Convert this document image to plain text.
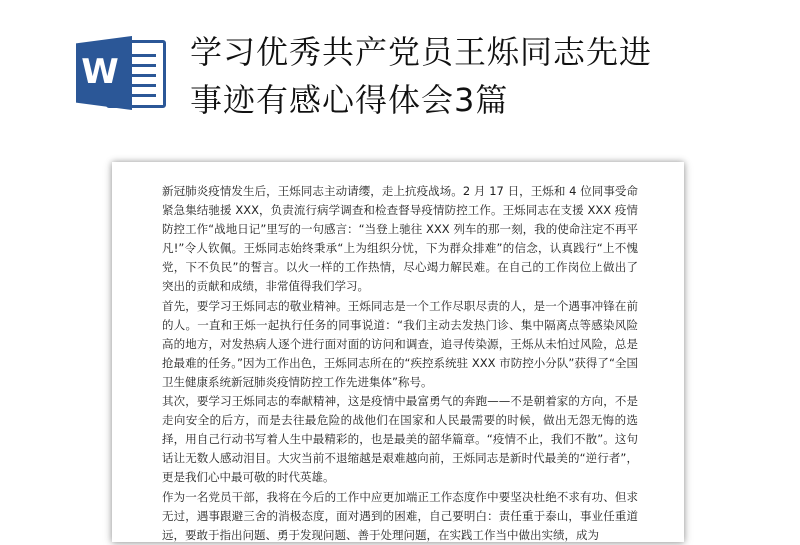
W 学习优秀共产党员王烁同志先进
事迹有感心得体会3篇

新冠肺炎疫情发生后，王烁同志主动请缨，走上抗疫战场。2 月 17 日，王烁和 4 位同事受命紧急集结驰援 XXX，负责流行病学调查和检查督导疫情防控工作。王烁同志在支援 XXX 疫情防控工作“战地日记”里写的一句感言：“当登上驰往 XXX 列车的那一刻，我的使命注定不再平凡!”令人钦佩。王烁同志始终秉承“上为组织分忧，下为群众排难”的信念，认真践行“上不愧党，下不负民”的誓言。以火一样的工作热情，尽心竭力解民难。在自己的工作岗位上做出了突出的贡献和成绩，非常值得我们学习。

首先，要学习王烁同志的敬业精神。王烁同志是一个工作尽职尽责的人，是一个遇事冲锋在前的人。一直和王烁一起执行任务的同事说道：“我们主动去发热门诊、集中隔离点等感染风险高的地方，对发热病人逐个进行面对面的访问和调查，追寻传染源，王烁从未怕过风险，总是抢最难的任务。”因为工作出色，王烁同志所在的“疾控系统驻 XXX 市防控小分队”获得了“全国卫生健康系统新冠肺炎疫情防控工作先进集体”称号。

其次，要学习王烁同志的奉献精神，这是疫情中最富勇气的奔跑——不是朝着家的方向，不是走向安全的后方，而是去往最危险的战他们在国家和人民最需要的时候，做出无怨无悔的选择，用自己行动书写着人生中最精彩的，也是最美的韶华篇章。“疫情不止，我们不散”。这句话让无数人感动泪目。大灾当前不退缩越是艰难越向前，王烁同志是新时代最美的“逆行者”，更是我们心中最可敬的时代英雄。

作为一名党员干部，我将在今后的工作中应更加端正工作态度作中要坚决杜绝不求有功、但求无过，遇事跟避三舍的消极态度，面对遇到的困难，自己要明白：责任重于泰山，事业任重道远，要敢于指出问题、勇于发现问题、善于处理问题，在实践工作当中做出实绩，成为
